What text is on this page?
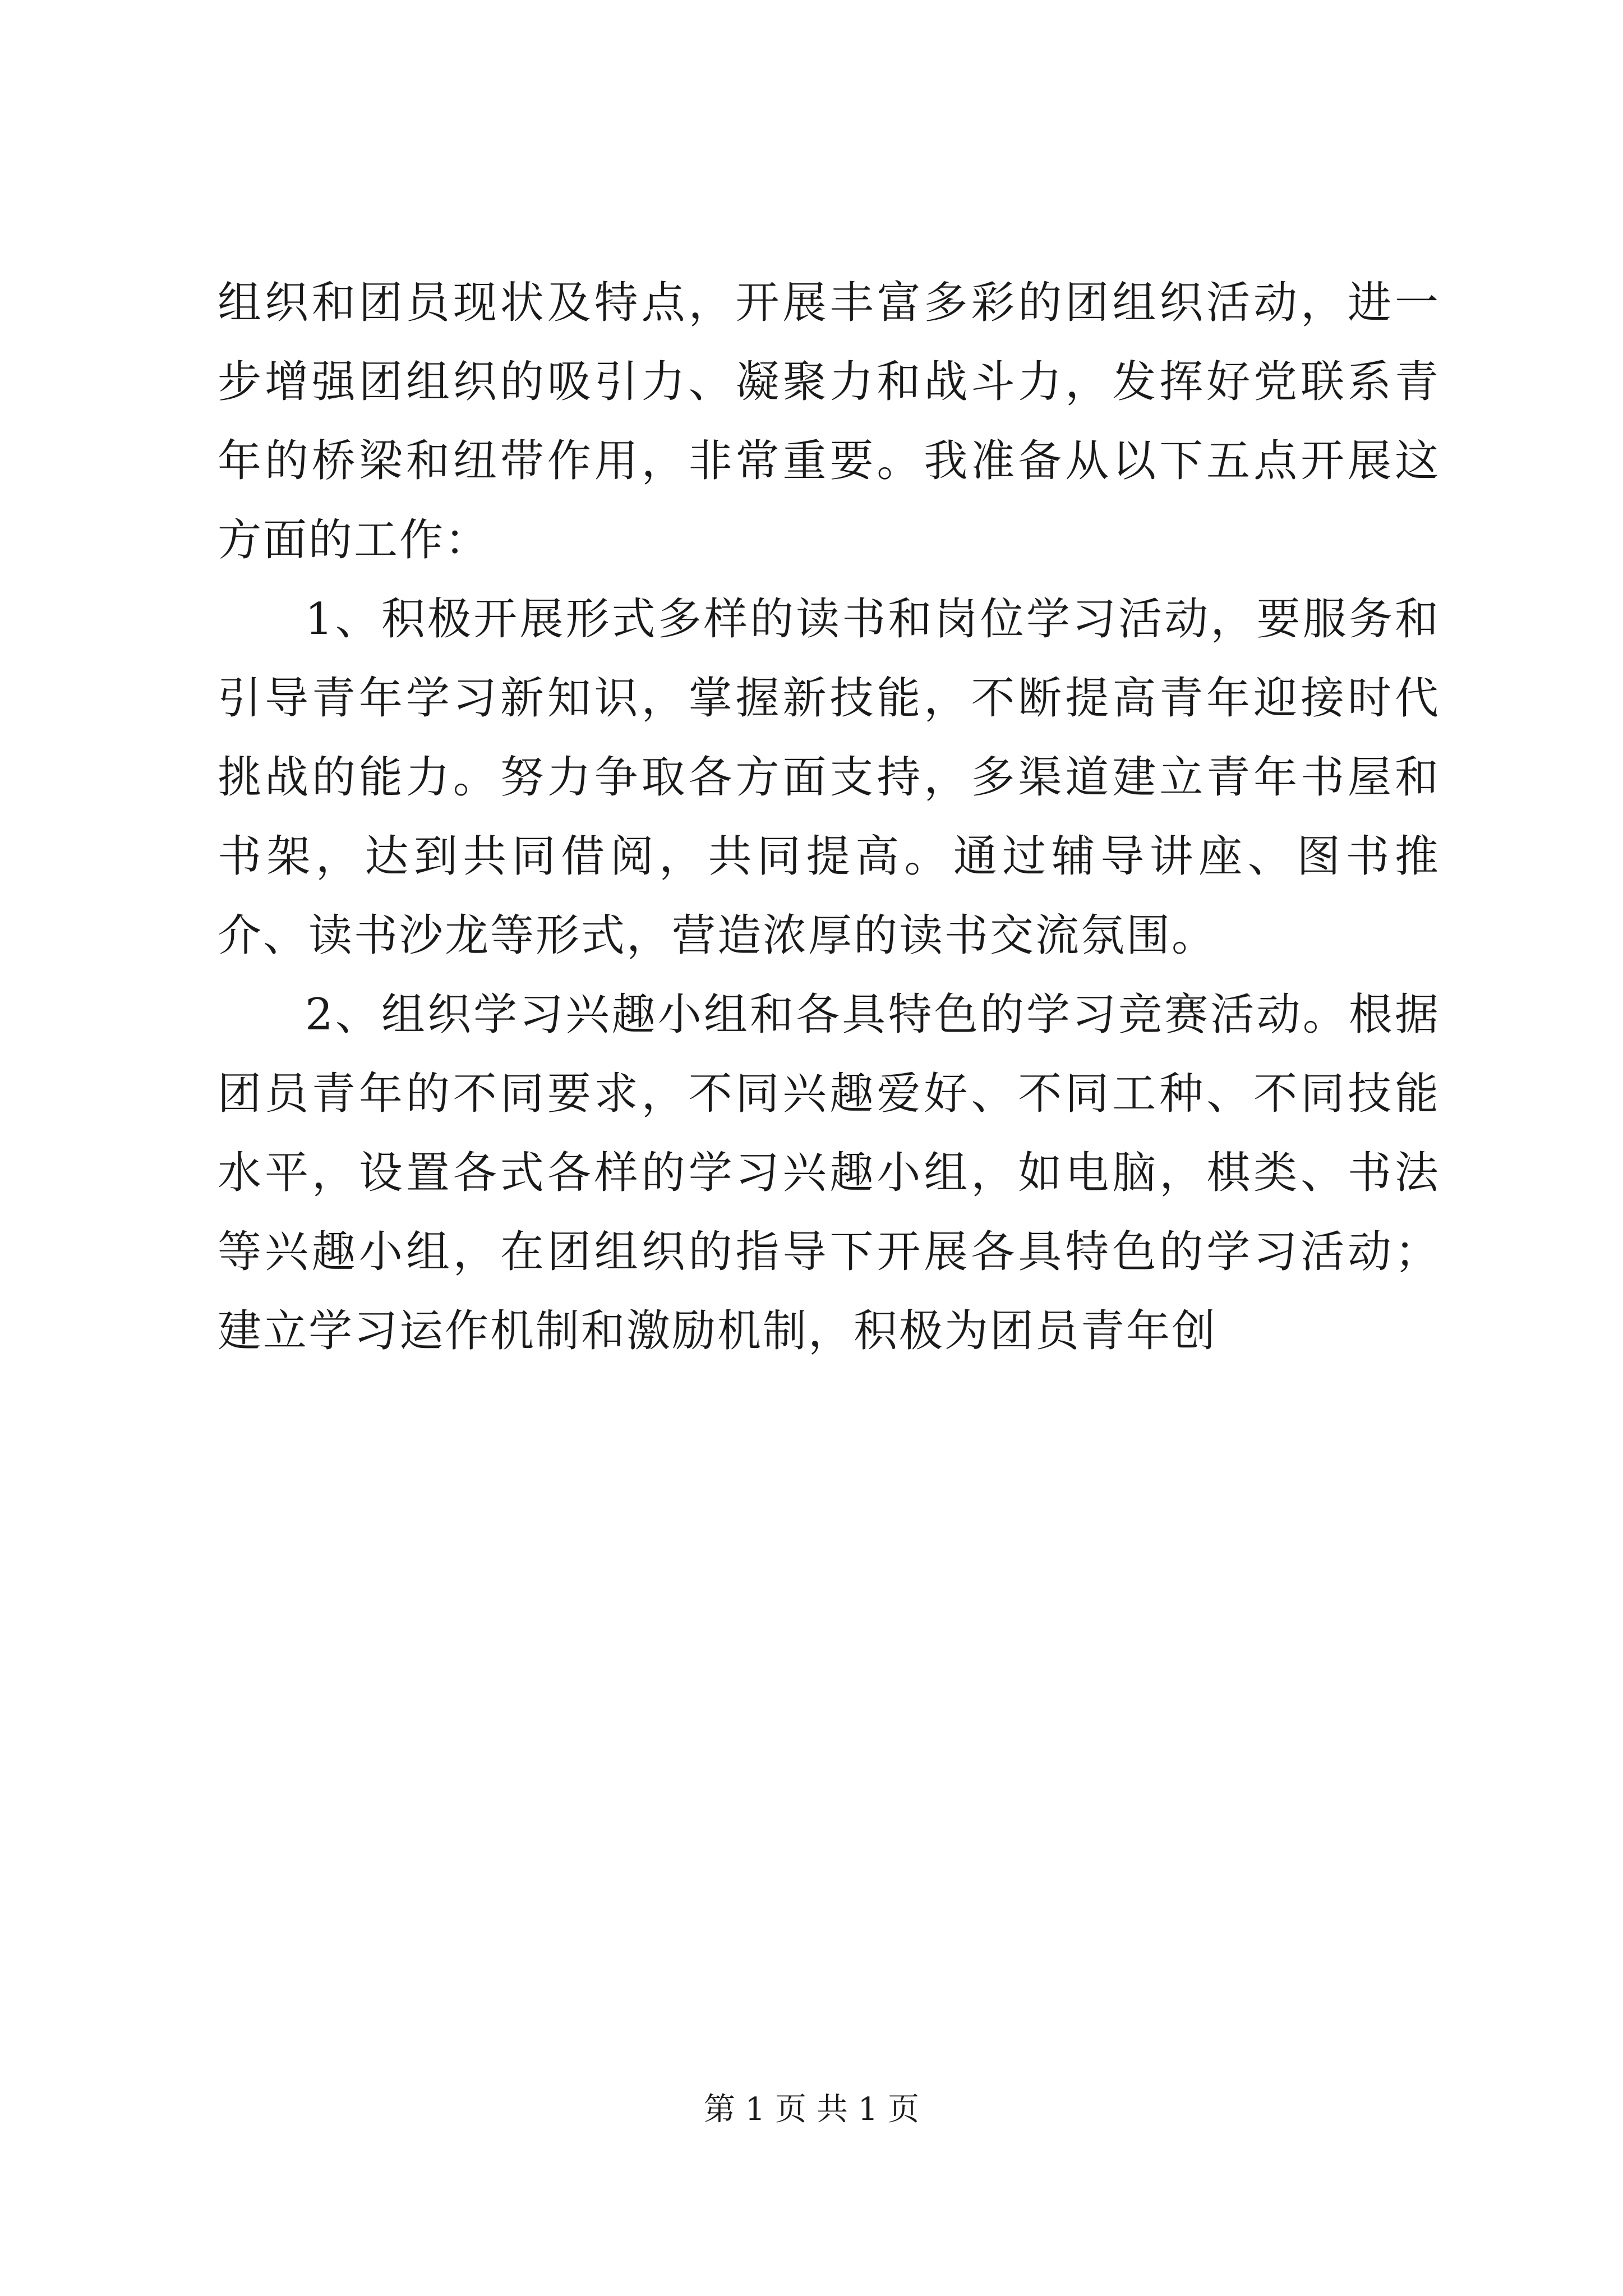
组织和团员现状及特点，开展丰富多彩的团组织活动，进一步增强团组织的吸引力、凝聚力和战斗力，发挥好党联系青年的桥梁和纽带作用，非常重要。我准备从以下五点开展这方面的工作：

1、积极开展形式多样的读书和岗位学习活动，要服务和引导青年学习新知识，掌握新技能，不断提高青年迎接时代挑战的能力。努力争取各方面支持，多渠道建立青年书屋和书架，达到共同借阅，共同提高。通过辅导讲座、图书推介、读书沙龙等形式，营造浓厚的读书交流氛围。

2、组织学习兴趣小组和各具特色的学习竞赛活动。根据团员青年的不同要求，不同兴趣爱好、不同工种、不同技能水平，设置各式各样的学习兴趣小组，如电脑，棋类、书法等兴趣小组，在团组织的指导下开展各具特色的学习活动；建立学习运作机制和激励机制，积极为团员青年创

第 1 页 共 1 页
